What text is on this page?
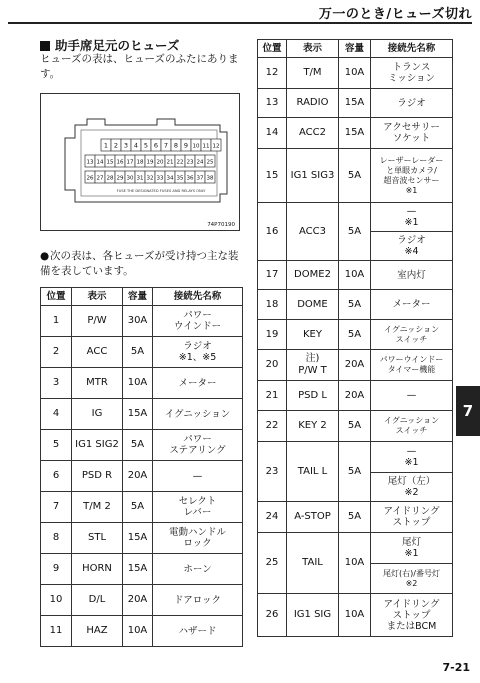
万一のとき/ヒューズ切れ
助手席足元のヒューズ
ヒューズの表は、ヒューズのふたにあります。
1 2 3 4 5 6 7 8 9 10 11 12
13 14 15 16 17 18 19 20 21 22 23 24 25
26 27 28 29 30 31 32 33 34 35 36 37 38
FUSE THE DESIGNATED FUSES AND RELAYS ONLY
74P70190
●次の表は、各ヒューズが受け持つ主な装備を表しています。
位置	表示	容量	接続先名称
1	P/W	30A	パワー
ウインドー
2	ACC	5A	ラジオ
※1、※5
3	MTR	10A	メーター
4	IG	15A	イグニッション
5	IG1 SIG2	5A	パワー
ステアリング
6	PSD R	20A	—
7	T/M 2	5A	セレクト
レバー
8	STL	15A	電動ハンドル
ロック
9	HORN	15A	ホーン
10	D/L	20A	ドアロック
11	HAZ	10A	ハザード
位置	表示	容量	接続先名称
12	T/M	10A	トランス
ミッション
13	RADIO	15A	ラジオ
14	ACC2	15A	アクセサリー
ソケット
15	IG1 SIG3	5A	レーザーレーダー
と単眼カメラ/
超音波センサー
※1
16	ACC3	5A	—
※1
			ラジオ
※4
17	DOME2	10A	室内灯
18	DOME	5A	メーター
19	KEY	5A	イグニッション
スイッチ
20	注)
P/W T	20A	パワーウインドー
タイマー機能
21	PSD L	20A	—
22	KEY 2	5A	イグニッション
スイッチ
23	TAIL L	5A	—
※1
			尾灯（左）
※2
24	A-STOP	5A	アイドリング
ストップ
25	TAIL	10A	尾灯
※1
			尾灯(右)/番号灯
※2
26	IG1 SIG	10A	アイドリング
ストップ
またはBCM
7
7-21
